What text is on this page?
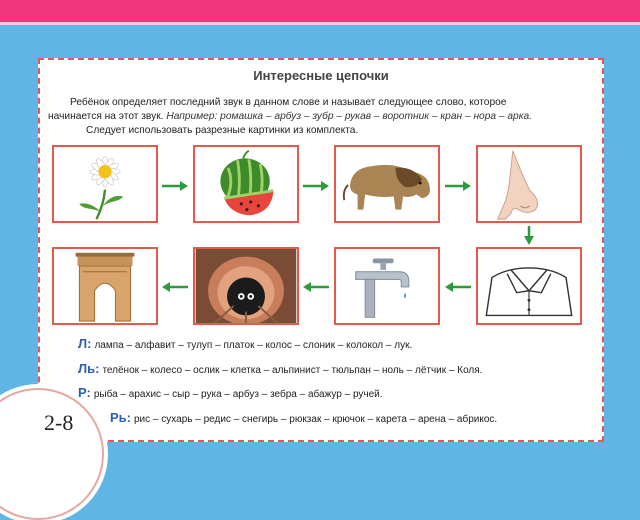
Интересные цепочки
Ребёнок определяет последний звук в данном слове и называет следующее слово, которое
начинается на этот звук. Например: ромашка – арбуз – зубр – рукав – воротник – кран – нора – арка.
Следует использовать разрезные картинки из комплекта.
Л: лампа – алфавит – тулуп – платок – колос – слоник – колокол – лук.
Ль: телёнок – колесо – ослик – клетка – альпинист – тюльпан – ноль – лётчик – Коля.
Р: рыба – арахис – сыр – рука – арбуз – зебра – абажур – ручей.
Рь: рис – сухарь – редис – снегирь – рюкзак – крючок – карета – арена – абрикос.
2-8
